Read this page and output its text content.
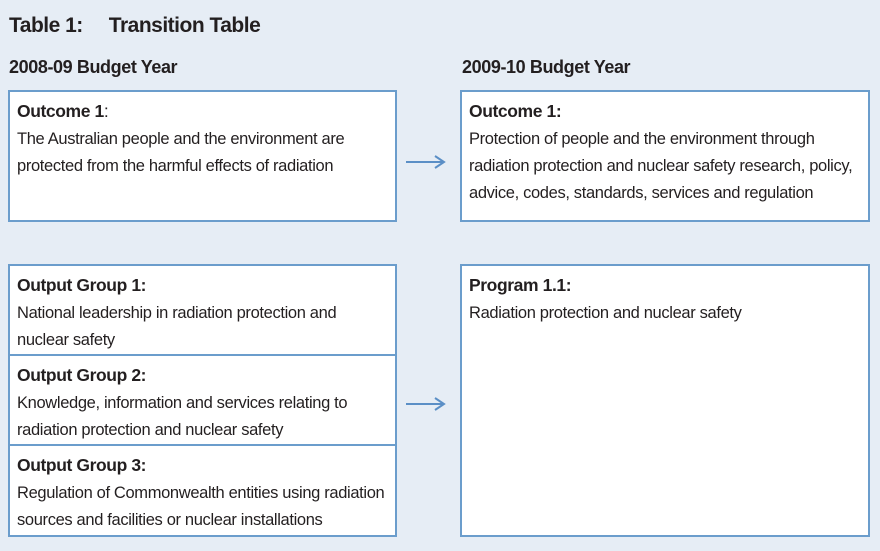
Table 1: Transition Table
2008-09 Budget Year	2009-10 Budget Year
Outcome 1:
The Australian people and the environment are protected from the harmful effects of radiation
Outcome 1:
Protection of people and the environment through radiation protection and nuclear safety research, policy, advice, codes, standards, services and regulation
Output Group 1:
National leadership in radiation protection and nuclear safety
Output Group 2:
Knowledge, information and services relating to radiation protection and nuclear safety
Output Group 3:
Regulation of Commonwealth entities using radiation sources and facilities or nuclear installations
Program 1.1:
Radiation protection and nuclear safety
